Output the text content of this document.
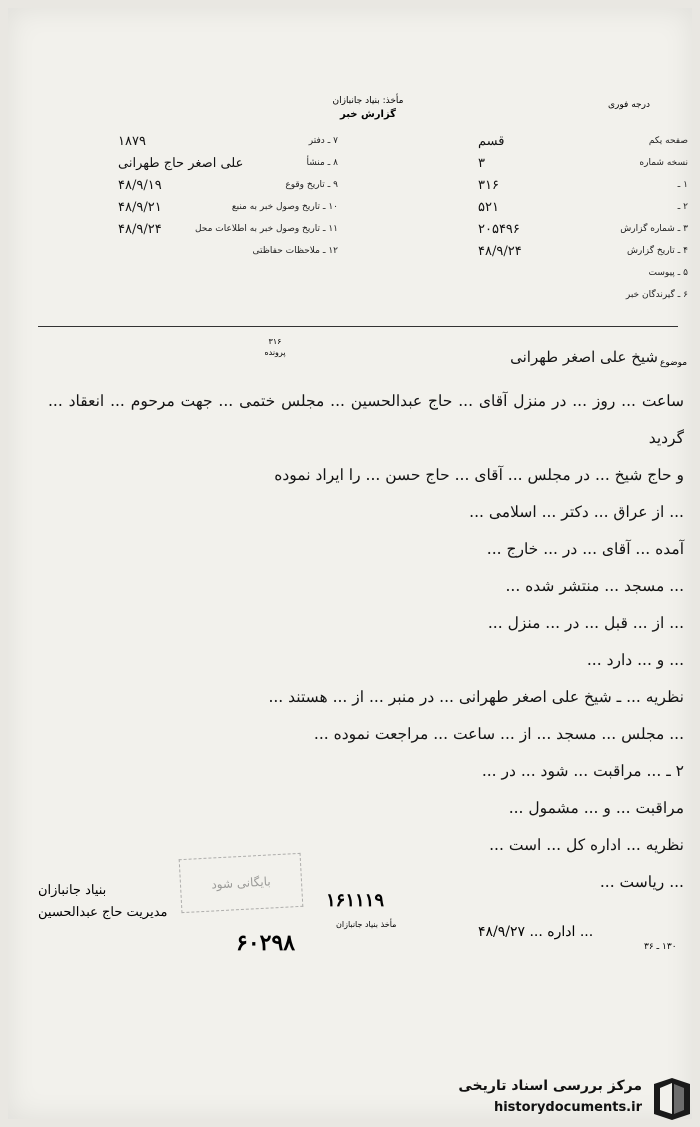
مأخذ: بنياد جانبازان
گزارش خبر
درجه فوری
۷ ـ دفتر
۱۸۷۹
۸ ـ منشأ
علی اصغر حاج طهرانی
۹ ـ تاریخ وقوع
۴۸/۹/۱۹
۱۰ ـ تاریخ وصول خبر به منبع
۴۸/۹/۲۱
۱۱ ـ تاریخ وصول خبر به اطلاعات محل
۴۸/۹/۲۴
۱۲ ـ ملاحظات حفاظتی
صفحه یکم
قسم
نسخه شماره
۳
۱ ـ
۳۱۶
۲ ـ
۵۲۱
۳ ـ شماره گزارش
۲۰۵۴۹۶
۴ ـ تاریخ گزارش
۴۸/۹/۲۴
۵ ـ پیوست
۶ ـ گیرندگان خبر
۳۱۶
پرونده
موضوع
شیخ علی اصغر طهرانی

ساعت ... روز ... در منزل آقای ... حاج عبدالحسین ... مجلس ختمی ... جهت مرحوم ... انعقاد ... گردید

و حاج شیخ ... در مجلس ... آقای ... حاج حسن ... را ایراد نموده

... از عراق ... دکتر ... اسلامی ...

آمده ... آقای ... در ... خارج ...

... مسجد ... منتشر شده ...

... از ... قبل ... در ... منزل ...

... و ... دارد ...

نظریه ... ـ شیخ علی اصغر طهرانی ... در منبر ... از ... هستند ...

... مجلس ... مسجد ... از ... ساعت ... مراجعت نموده ...

۲ ـ ... مراقبت ... شود ... در ...

مراقبت ... و ... مشمول ...

نظریه ... اداره کل ... است ...

... ریاست ...

بایگانی شود
بنیاد جانبازان
مدیریت حاج عبدالحسین
۱۶۱۱۱۹
مأخذ بنیاد جانبازان
۶۰۲۹۸	... اداره ... ۴۸/۹/۲۷
۱۳۰ ـ ۳۶
مرکز بررسی اسناد تاریخی
historydocuments.ir
